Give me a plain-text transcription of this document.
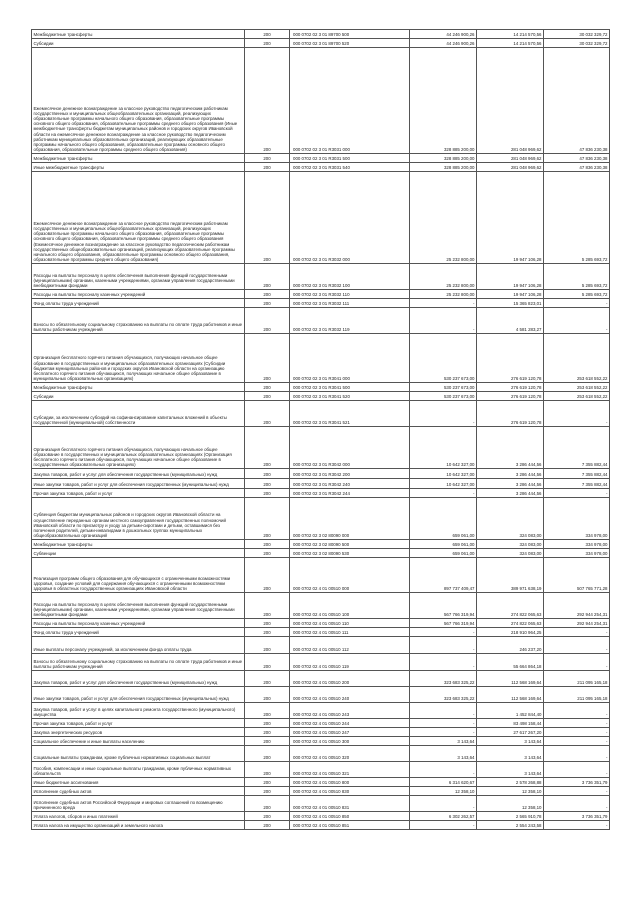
Межбюджетные трансферты	200	000 0702 02 3 01 89700 500	44 246 900,26	14 214 570,56	30 032 329,72
Субсидии	200	000 0702 02 3 01 89700 520	44 246 900,26	14 214 570,56	30 032 329,72
Ежемесячное денежное вознаграждение за классное руководство педагогическим работникам государственных и муниципальных общеобразовательных организаций, реализующих образовательные программы начального общего образования, образовательные программы основного общего образования, образовательные программы среднего общего образования (Иные межбюджетные трансферты бюджетам муниципальных районов и городских округов Ивановской области на ежемесячное денежное вознаграждение за классное руководство педагогическим работникам муниципальных образовательных организаций, реализующих образовательные программы начального общего образования, образовательные программы основного общего образования, образовательные программы среднего общего образования)	200	000 0702 02 3 01 R3031 000	328 885 200,00	281 048 969,62	47 836 230,38
Межбюджетные трансферты	200	000 0702 02 3 01 R3031 500	328 885 200,00	281 048 969,62	47 836 230,38
Иные межбюджетные трансферты	200	000 0702 02 3 01 R3031 540	328 885 200,00	281 048 969,62	47 836 230,38
Ежемесячное денежное вознаграждение за классное руководство педагогическим работникам государственных и муниципальных общеобразовательных организаций, реализующих образовательные программы начального общего образования, образовательные программы основного общего образования, образовательные программы среднего общего образования (Ежемесячное денежное вознаграждение за классное руководство педагогическим работникам государственных общеобразовательных организаций, реализующих образовательные программы начального общего образования, образовательные программы основного общего образования, образовательные программы среднего общего образования)	200	000 0702 02 3 01 R3032 000	25 232 800,00	19 947 106,28	5 285 693,72
Расходы на выплаты персоналу в целях обеспечения выполнения функций государственными (муниципальными) органами, казенными учреждениями, органами управления государственными внебюджетными фондами	200	000 0702 02 3 01 R3032 100	25 232 800,00	19 947 106,28	5 285 693,72
Расходы на выплаты персоналу казенных учреждений	200	000 0702 02 3 01 R3032 110	25 232 800,00	19 947 106,28	5 285 693,72
Фонд оплаты труда учреждений	200	000 0702 02 3 01 R3032 111	-	15 365 823,01	-
Взносы по обязательному социальному страхованию на выплаты по оплате труда работников и иные выплаты работникам учреждений	200	000 0702 02 3 01 R3032 119	-	4 581 283,27	-
Организация бесплатного горячего питания обучающихся, получающих начальное общее образование в государственных и муниципальных образовательных организациях (Субсидии бюджетам муниципальных районов и городских округов Ивановской области на организацию бесплатного горячего питания обучающихся, получающих начальное общее образование в муниципальных образовательных организациях)	200	000 0702 02 3 01 R3041 000	530 237 673,00	276 619 120,78	253 618 552,22
Межбюджетные трансферты	200	000 0702 02 3 01 R3041 500	530 237 673,00	276 619 120,78	253 618 552,22
Субсидии	200	000 0702 02 3 01 R3041 520	530 237 673,00	276 619 120,78	253 618 552,22
Субсидии, за исключением субсидий на софинансирование капитальных вложений в объекты государственной (муниципальной) собственности	200	000 0702 02 3 01 R3041 521	-	276 619 120,78	-
Организация бесплатного горячего питания обучающихся, получающих начальное общее образование в государственных и муниципальных образовательных организациях (Организация бесплатного горячего питания обучающихся, получающих начальное общее образование в государственных образовательных организациях)	200	000 0702 02 3 01 R3042 000	10 642 327,00	3 286 444,56	7 355 882,44
Закупка товаров, работ и услуг для обеспечения государственных (муниципальных) нужд	200	000 0702 02 3 01 R3042 200	10 642 327,00	3 286 444,56	7 355 882,44
Иные закупки товаров, работ и услуг для обеспечения государственных (муниципальных) нужд	200	000 0702 02 3 01 R3042 240	10 642 327,00	3 286 444,56	7 355 882,44
Прочая закупка товаров, работ и услуг	200	000 0702 02 3 01 R3042 244	-	3 286 444,56	-
Субвенция бюджетам муниципальных районов и городских округов Ивановской области на осуществление переданных органам местного самоуправления государственных полномочий Ивановской области по присмотру и уходу за детьми-сиротами и детьми, оставшимися без попечения родителей, детьми-инвалидами в дошкольных группах муниципальных общеобразовательных организаций	200	000 0702 02 3 02 80090 000	659 061,00	324 083,00	334 978,00
Межбюджетные трансферты	200	000 0702 02 3 02 80090 500	659 061,00	324 083,00	334 978,00
Субвенции	200	000 0702 02 3 02 80090 530	659 061,00	324 083,00	334 978,00
Реализация программ общего образования для обучающихся с ограниченными возможностями здоровья, создание условий для содержания обучающихся с ограниченными возможностями здоровья в областных государственных организациях Ивановской области	200	000 0702 02 4 01 00510 000	897 737 409,47	389 971 638,19	507 765 771,28
Расходы на выплаты персоналу в целях обеспечения выполнения функций государственными (муниципальными) органами, казенными учреждениями, органами управления государственными внебюджетными фондами	200	000 0702 02 4 01 00510 100	567 766 319,94	274 822 065,63	292 944 254,31
Расходы на выплаты персоналу казенных учреждений	200	000 0702 02 4 01 00510 110	567 766 319,94	274 822 065,63	292 944 254,31
Фонд оплаты труда учреждений	200	000 0702 02 4 01 00510 111	-	218 910 964,25	-
Иные выплаты персоналу учреждений, за исключением фонда оплаты труда	200	000 0702 02 4 01 00510 112	-	246 237,20	-
Взносы по обязательному социальному страхованию на выплаты по оплате труда работников и иные выплаты работникам учреждений	200	000 0702 02 4 01 00510 119	-	55 664 864,18	-
Закупка товаров, работ и услуг для обеспечения государственных (муниципальных) нужд	200	000 0702 02 4 01 00510 200	323 683 325,22	112 568 169,64	211 095 165,18
Иные закупки товаров, работ и услуг для обеспечения государственных (муниципальных) нужд	200	000 0702 02 4 01 00510 240	323 683 325,22	112 568 169,64	211 095 165,18
Закупка товаров, работ и услуг в целях капитального ремонта государственного (муниципального) имущества	200	000 0702 02 4 01 00510 243	-	1 452 844,40	-
Прочая закупка товаров, работ и услуг	200	000 0702 02 4 01 00510 244	-	83 498 158,44	-
Закупка энергетических ресурсов	200	000 0702 02 4 01 00510 247	-	27 617 267,20	-
Социальное обеспечение и иные выплаты населению	200	000 0702 02 4 01 00510 300	3 143,64	3 143,64	-
Социальные выплаты гражданам, кроме публичных нормативных социальных выплат	200	000 0702 02 4 01 00510 320	3 143,64	3 143,64	-
Пособия, компенсации и иные социальные выплаты гражданам, кроме публичных нормативных обязательств	200	000 0702 02 4 01 00510 321	-	3 143,64	-
Иные бюджетные ассигнования	200	000 0702 02 4 01 00510 800	6 314 620,67	2 578 268,88	3 736 351,79
Исполнение судебных актов	200	000 0702 02 4 01 00510 830	12 358,10	12 358,10	-
Исполнение судебных актов Российской Федерации и мировых соглашений по возмещению причиненного вреда	200	000 0702 02 4 01 00510 831	-	12 358,10	-
Уплата налогов, сборов и иных платежей	200	000 0702 02 4 01 00510 850	6 302 262,57	2 565 910,78	3 736 351,79
Уплата налога на имущество организаций и земельного налога	200	000 0702 02 4 01 00510 851	-	2 554 243,58	-
